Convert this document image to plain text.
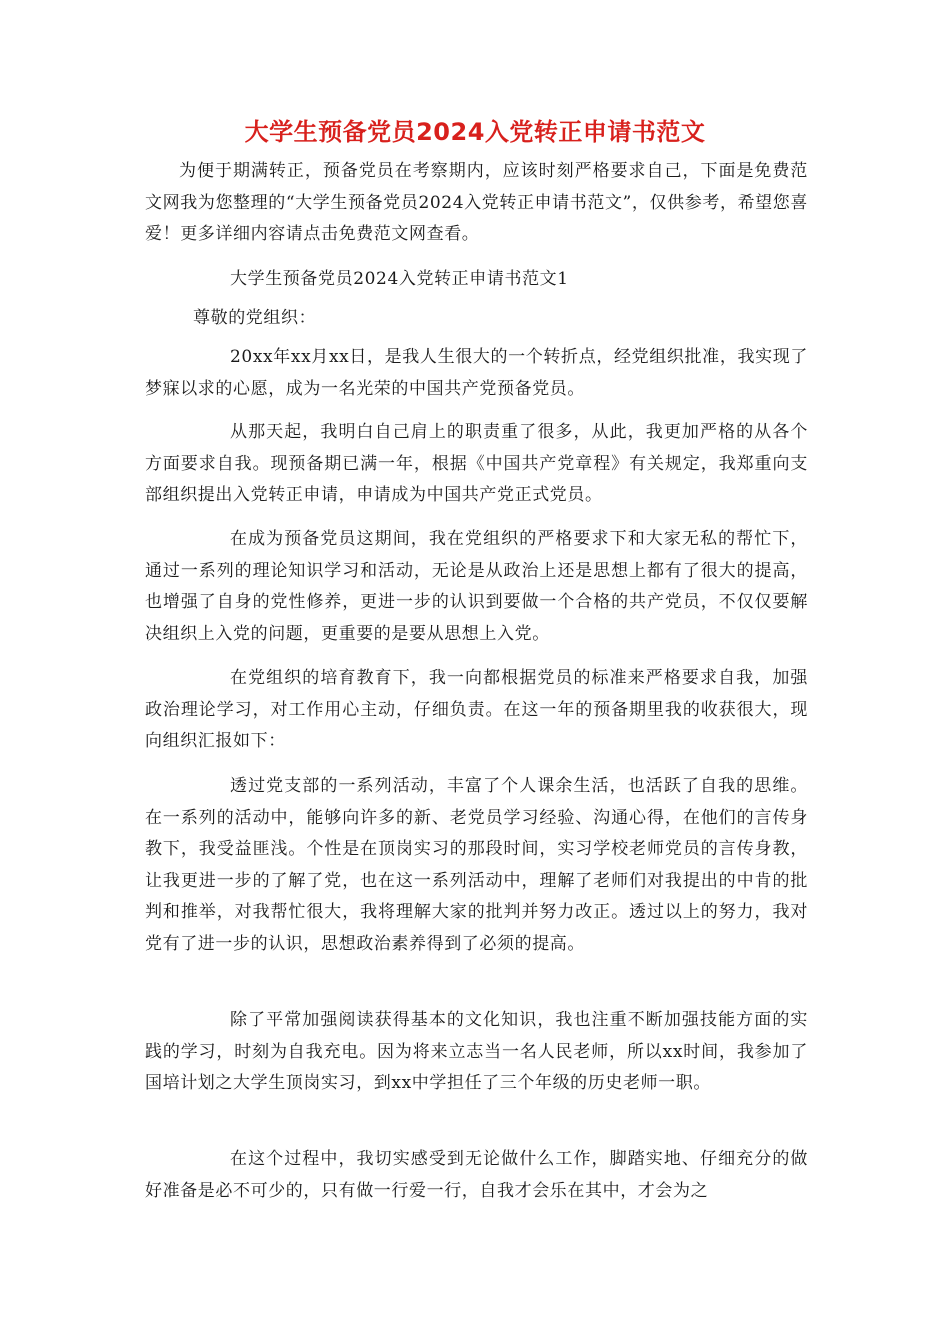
大学生预备党员2024入党转正申请书范文

为便于期满转正，预备党员在考察期内，应该时刻严格要求自己，下面是免费范文网我为您整理的“大学生预备党员2024入党转正申请书范文”，仅供参考，希望您喜爱！更多详细内容请点击免费范文网查看。

大学生预备党员2024入党转正申请书范文1

尊敬的党组织：

20xx年xx月xx日，是我人生很大的一个转折点，经党组织批准，我实现了梦寐以求的心愿，成为一名光荣的中国共产党预备党员。

从那天起，我明白自己肩上的职责重了很多，从此，我更加严格的从各个方面要求自我。现预备期已满一年，根据《中国共产党章程》有关规定，我郑重向支部组织提出入党转正申请，申请成为中国共产党正式党员。

在成为预备党员这期间，我在党组织的严格要求下和大家无私的帮忙下，通过一系列的理论知识学习和活动，无论是从政治上还是思想上都有了很大的提高，也增强了自身的党性修养，更进一步的认识到要做一个合格的共产党员，不仅仅要解决组织上入党的问题，更重要的是要从思想上入党。

在党组织的培育教育下，我一向都根据党员的标准来严格要求自我，加强政治理论学习，对工作用心主动，仔细负责。在这一年的预备期里我的收获很大，现向组织汇报如下：

透过党支部的一系列活动，丰富了个人课余生活，也活跃了自我的思维。在一系列的活动中，能够向许多的新、老党员学习经验、沟通心得，在他们的言传身教下，我受益匪浅。个性是在顶岗实习的那段时间，实习学校老师党员的言传身教，让我更进一步的了解了党，也在这一系列活动中，理解了老师们对我提出的中肯的批判和推举，对我帮忙很大，我将理解大家的批判并努力改正。透过以上的努力，我对党有了进一步的认识，思想政治素养得到了必须的提高。

除了平常加强阅读获得基本的文化知识，我也注重不断加强技能方面的实践的学习，时刻为自我充电。因为将来立志当一名人民老师，所以xx时间，我参加了国培计划之大学生顶岗实习，到xx中学担任了三个年级的历史老师一职。

在这个过程中，我切实感受到无论做什么工作，脚踏实地、仔细充分的做好准备是必不可少的，只有做一行爱一行，自我才会乐在其中，才会为之
